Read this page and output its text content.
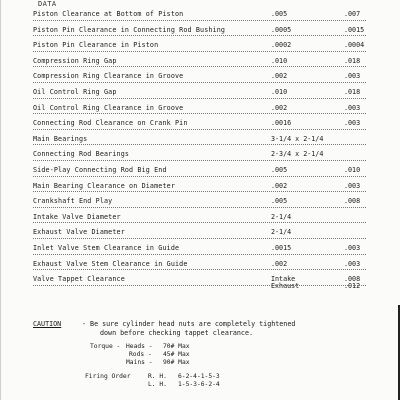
DATA
Piston Clearance at Bottom of Piston	.005	.007
Piston Pin Clearance in Connecting Rod Bushing	.0005	.0015
Piston Pin Clearance in Piston	.0002	.0004
Compression Ring Gap	.010	.018
Compression Ring Clearance in Groove	.002	.003
Oil Control Ring Gap	.010	.018
Oil Control Ring Clearance in Groove	.002	.003
Connecting Rod Clearance on Crank Pin	.0016	.003
Main Bearings	3-1/4 x 2-1/4
Connecting Rod Bearings	2-3/4 x 2-1/4
Side-Play Connecting Rod Big End	.005	.010
Main Bearing Clearance on Diameter	.002	.003
Crankshaft End Play	.005	.008
Intake Valve Diameter	2-1/4
Exhaust Valve Diameter	2-1/4
Inlet Valve Stem Clearance in Guide	.0015	.003
Exhaust Valve Stem Clearance in Guide	.002	.003
Valve Tappet Clearance	Intake	.008
Exhaust	.012
CAUTION	- Be sure cylinder head nuts are completely tightened
down before checking tappet clearance.
Torque - Heads - 70# Max
Rods - 45# Max
Mains - 90# Max
Firing Order	R. H. 6-2-4-1-5-3
L. H. 1-5-3-6-2-4
